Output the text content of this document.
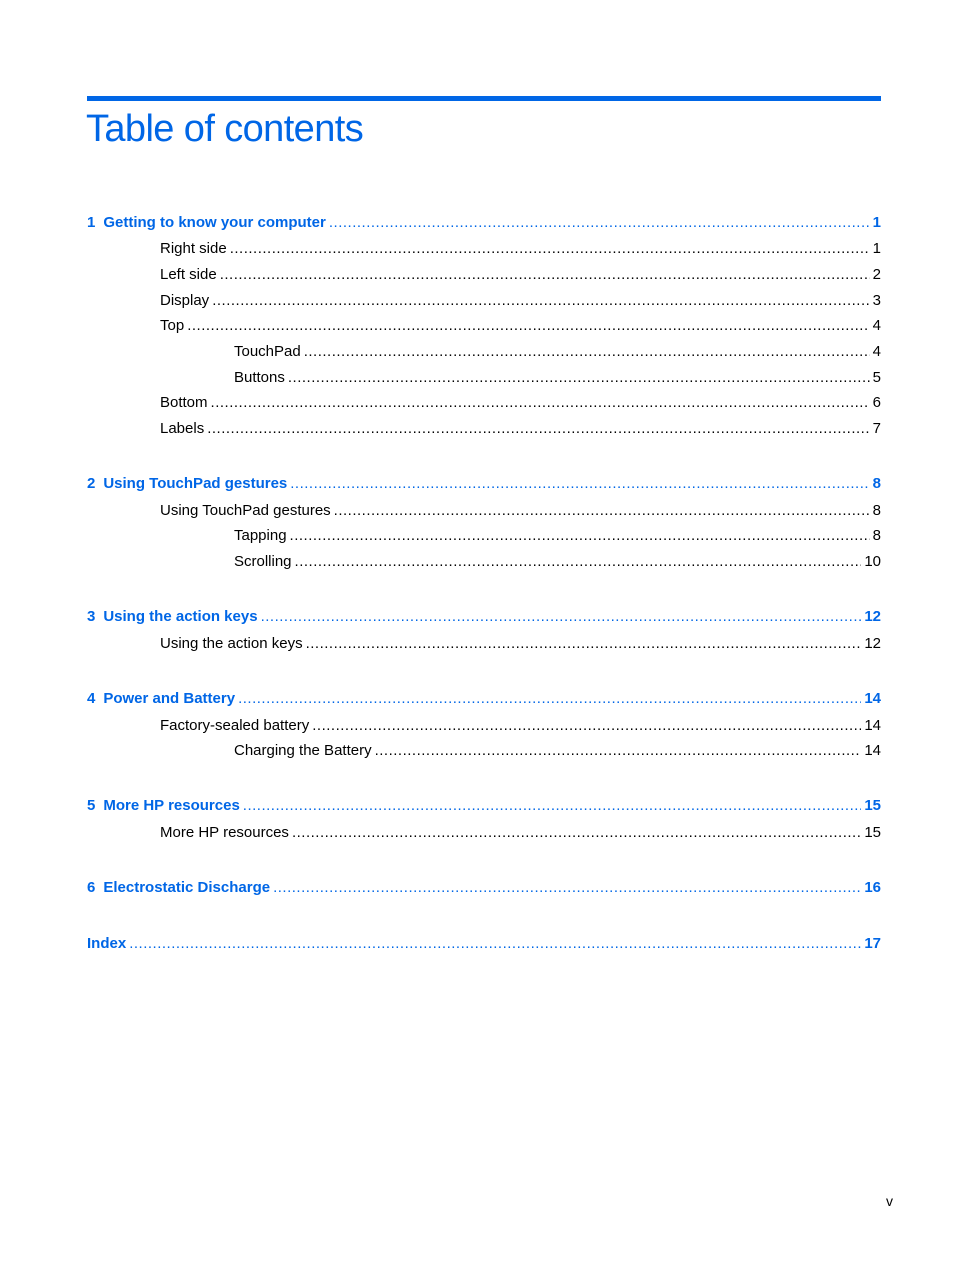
Table of contents
1 Getting to know your computer .....	1
Right side .....	1
Left side .....	2
Display .....	3
Top .....	4
TouchPad .....	4
Buttons .....	5
Bottom .....	6
Labels .....	7
2 Using TouchPad gestures .....	8
Using TouchPad gestures .....	8
Tapping .....	8
Scrolling .....	10
3 Using the action keys .....	12
Using the action keys .....	12
4 Power and Battery .....	14
Factory-sealed battery .....	14
Charging the Battery .....	14
5 More HP resources .....	15
More HP resources .....	15
6 Electrostatic Discharge .....	16
Index .....	17
v
